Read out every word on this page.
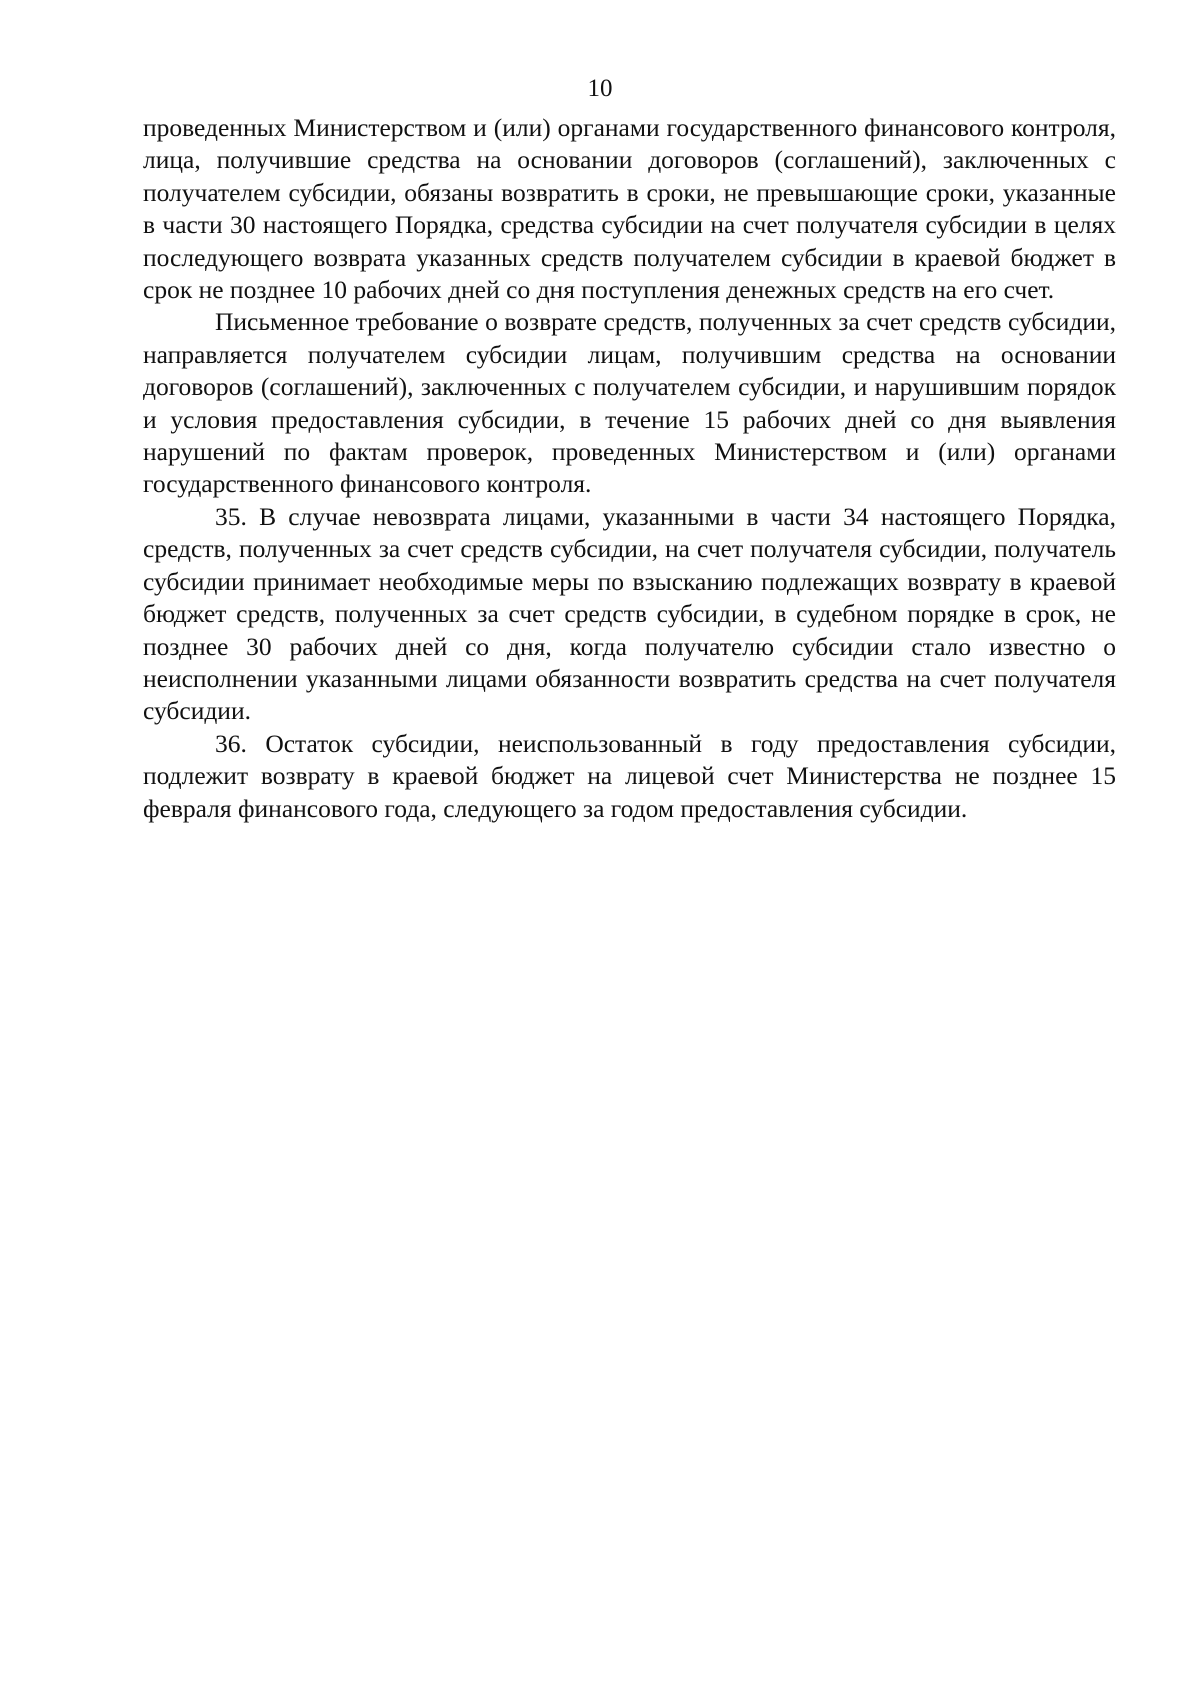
10

проведенных Министерством и (или) органами государственного финансового контроля, лица, получившие средства на основании договоров (соглашений), заключенных с получателем субсидии, обязаны возвратить в сроки, не превышающие сроки, указанные в части 30 настоящего Порядка, средства субсидии на счет получателя субсидии в целях последующего возврата указанных средств получателем субсидии в краевой бюджет в срок не позднее 10 рабочих дней со дня поступления денежных средств на его счет.

Письменное требование о возврате средств, полученных за счет средств субсидии, направляется получателем субсидии лицам, получившим средства на основании договоров (соглашений), заключенных с получателем субсидии, и нарушившим порядок и условия предоставления субсидии, в течение 15 рабочих дней со дня выявления нарушений по фактам проверок, проведенных Министерством и (или) органами государственного финансового контроля.

35. В случае невозврата лицами, указанными в части 34 настоящего Порядка, средств, полученных за счет средств субсидии, на счет получателя субсидии, получатель субсидии принимает необходимые меры по взысканию подлежащих возврату в краевой бюджет средств, полученных за счет средств субсидии, в судебном порядке в срок, не позднее 30 рабочих дней со дня, когда получателю субсидии стало известно о неисполнении указанными лицами обязанности возвратить средства на счет получателя субсидии.

36. Остаток субсидии, неиспользованный в году предоставления субсидии, подлежит возврату в краевой бюджет на лицевой счет Министерства не позднее 15 февраля финансового года, следующего за годом предоставления субсидии.
